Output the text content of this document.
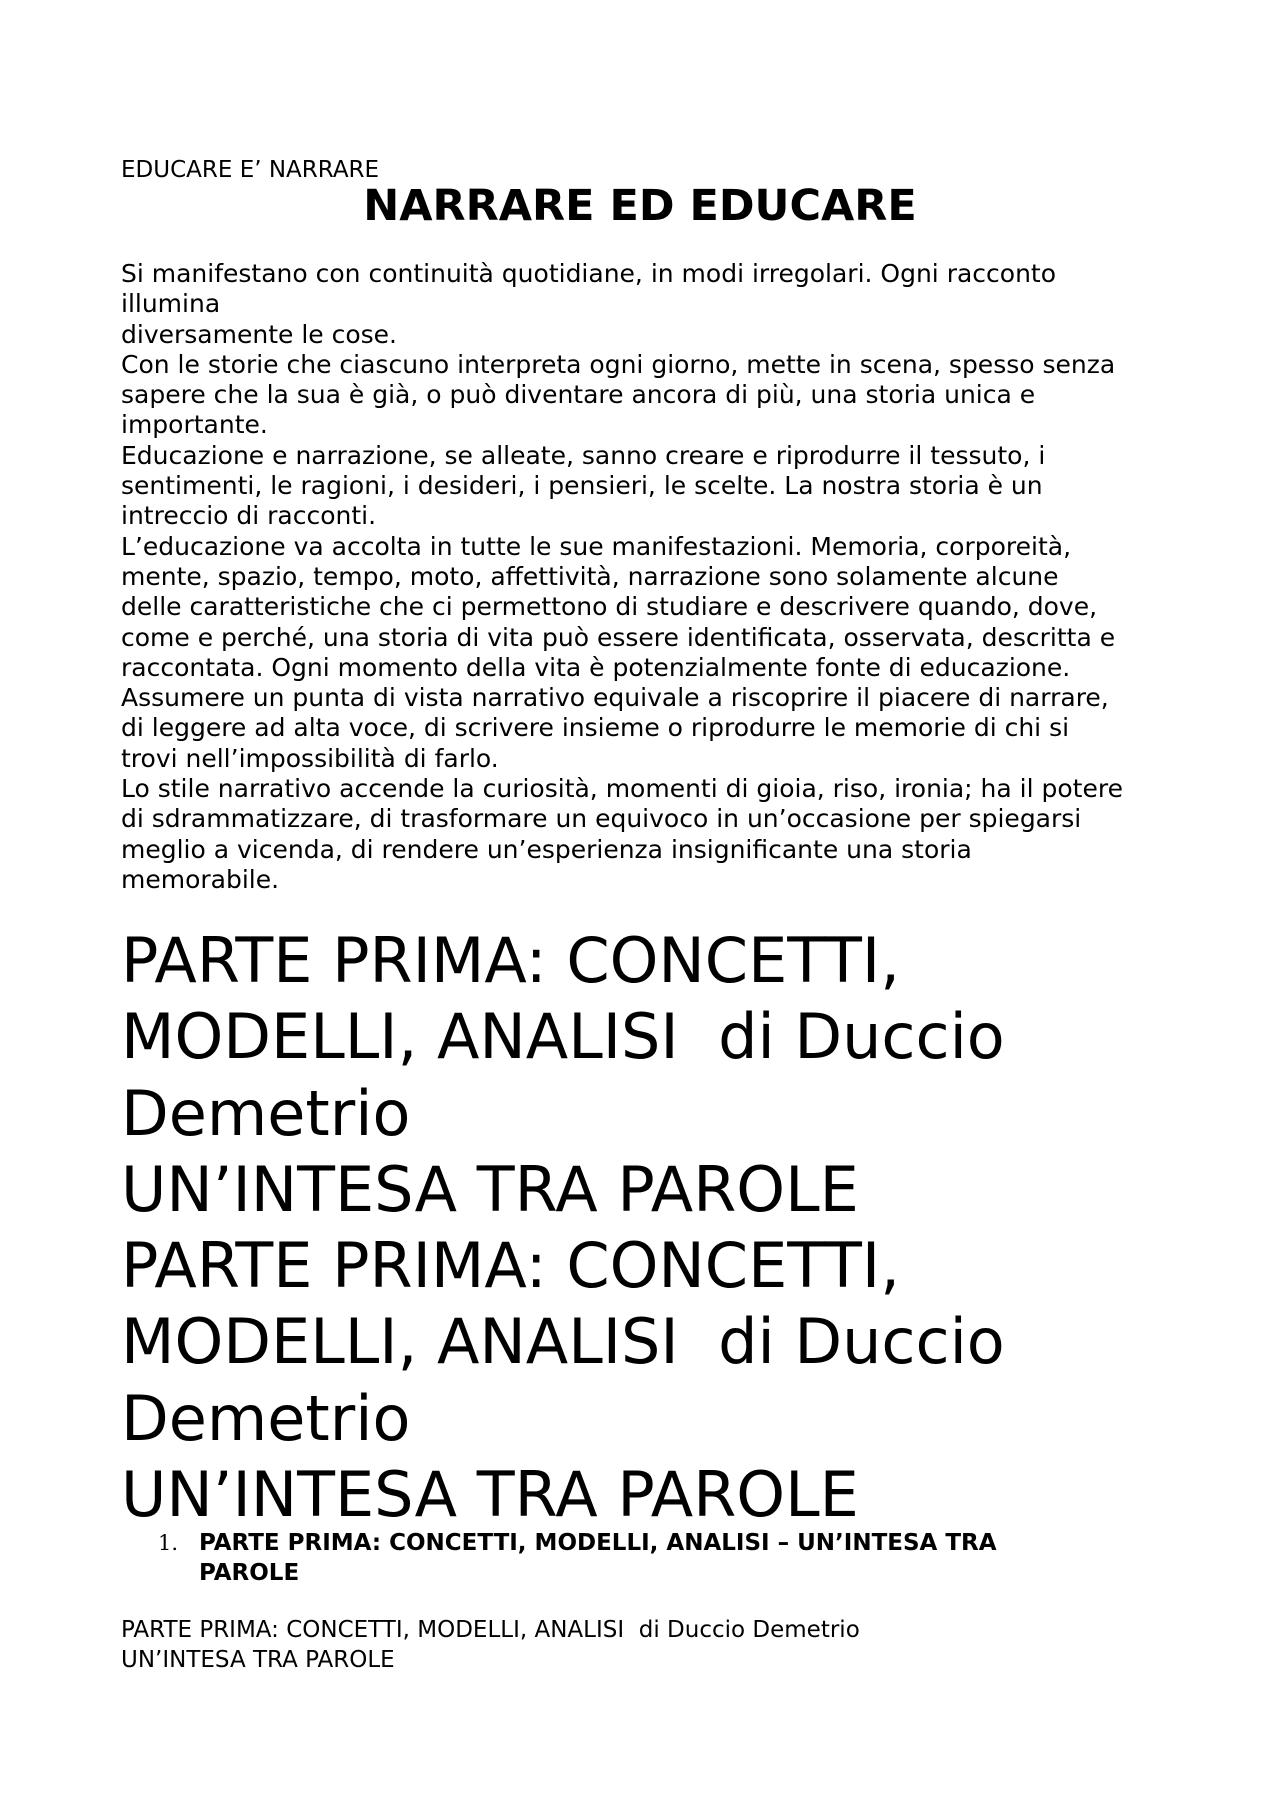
EDUCARE E’ NARRARE
NARRARE ED EDUCARE
Si manifestano con continuità quotidiane, in modi irregolari. Ogni racconto
illumina
diversamente le cose.
Con le storie che ciascuno interpreta ogni giorno, mette in scena, spesso senza
sapere che la sua è già, o può diventare ancora di più, una storia unica e
importante.
Educazione e narrazione, se alleate, sanno creare e riprodurre il tessuto, i
sentimenti, le ragioni, i desideri, i pensieri, le scelte. La nostra storia è un
intreccio di racconti.
L’educazione va accolta in tutte le sue manifestazioni. Memoria, corporeità,
mente, spazio, tempo, moto, affettività, narrazione sono solamente alcune
delle caratteristiche che ci permettono di studiare e descrivere quando, dove,
come e perché, una storia di vita può essere identificata, osservata, descritta e
raccontata. Ogni momento della vita è potenzialmente fonte di educazione.
Assumere un punta di vista narrativo equivale a riscoprire il piacere di narrare,
di leggere ad alta voce, di scrivere insieme o riprodurre le memorie di chi si
trovi nell’impossibilità di farlo.
Lo stile narrativo accende la curiosità, momenti di gioia, riso, ironia; ha il potere
di sdrammatizzare, di trasformare un equivoco in un’occasione per spiegarsi
meglio a vicenda, di rendere un’esperienza insignificante una storia
memorabile.
PARTE PRIMA: CONCETTI,
MODELLI, ANALISI  di Duccio
Demetrio
UN’INTESA TRA PAROLE
PARTE PRIMA: CONCETTI,
MODELLI, ANALISI  di Duccio
Demetrio
UN’INTESA TRA PAROLE
1. PARTE PRIMA: CONCETTI, MODELLI, ANALISI – UN’INTESA TRA
PAROLE
PARTE PRIMA: CONCETTI, MODELLI, ANALISI  di Duccio Demetrio
UN’INTESA TRA PAROLE
